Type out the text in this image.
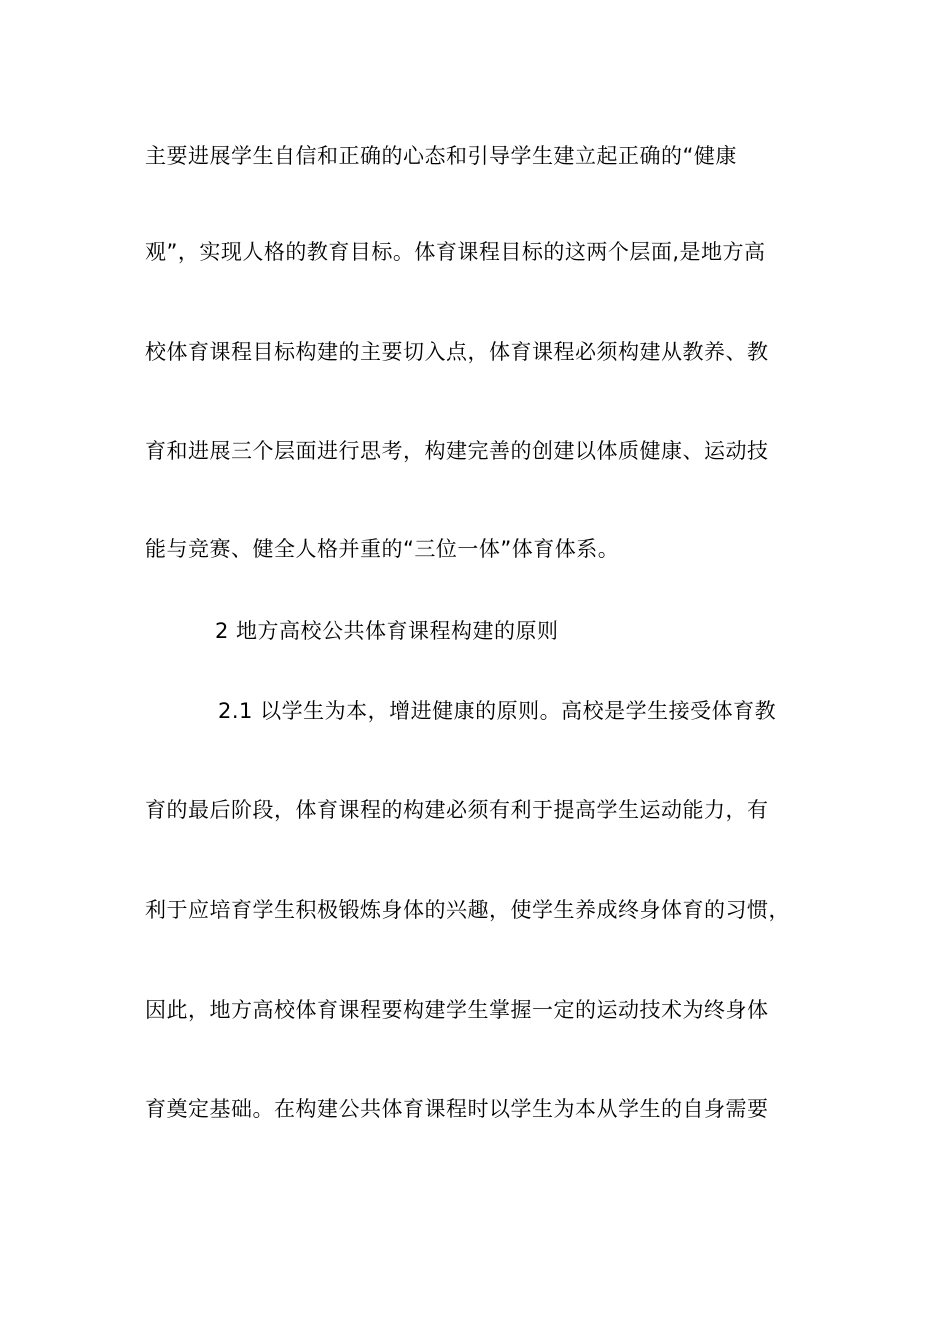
主要进展学生自信和正确的心态和引导学生建立起正确的“健康
观”，实现人格的教育目标。体育课程目标的这两个层面,是地方高
校体育课程目标构建的主要切入点，体育课程必须构建从教养、教
育和进展三个层面进行思考，构建完善的创建以体质健康、运动技
能与竞赛、健全人格并重的“三位一体”体育体系。
2 地方高校公共体育课程构建的原则
2.1 以学生为本，增进健康的原则。高校是学生接受体育教
育的最后阶段，体育课程的构建必须有利于提高学生运动能力，有
利于应培育学生积极锻炼身体的兴趣，使学生养成终身体育的习惯，
因此，地方高校体育课程要构建学生掌握一定的运动技术为终身体
育奠定基础。在构建公共体育课程时以学生为本从学生的自身需要
